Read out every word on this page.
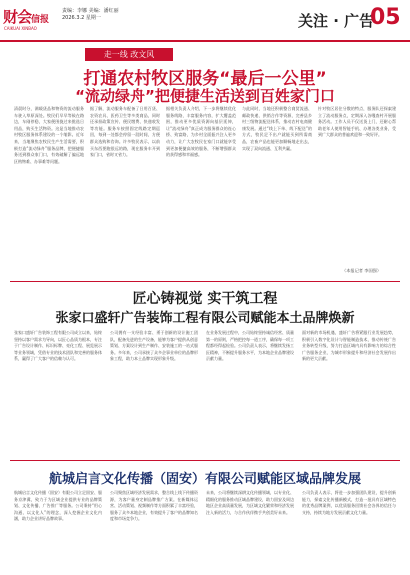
财会信报
CAIKUAI XINBAO
责编：李娜 美编：潘红丽
2026.3.2 星期一	关注 · 广告
05
走一线 改文风
打通农村牧区服务“最后一公里”
“流动绿舟”把便捷生活送到百姓家门口
清晨时分，满载货品和物资的流动服务车驶入草原深处。牧民们早早等候在路边，车刚停稳，大家便围拢过来挑选日用品，购买生活物资。这是当地推动农村牧区服务体系建设的一个缩影。近年来，当地聚焦农牧民生产生活需要，积极打造“流动绿舟”服务品牌，把便捷服务送到群众家门口，有效破解了偏远地区购物难、办事难等问题。
据了解，流动服务车配备了日用百货、农资农具、医药卫生等多类商品，同时还承担政策宣传、便民缴费、快递收发等功能。服务车按照固定线路定期巡回，每到一处都会停留一段时间，方便群众选购和咨询。许多牧民表示，以前买东西要跑很远的路，现在服务车开到家门口，省时又省力。
据相关负责人介绍，下一步将继续优化服务线路，丰富服务内容，扩大覆盖范围，推动更多优质资源向基层延伸，让“流动绿舟”真正成为服务群众的连心桥、致富路，为乡村全面振兴注入更多动力，让广大农牧民在家门口就能享受到更加便捷高效的服务，不断增强群众的获得感和幸福感。
与此同时，当地还积极整合商贸流通、邮政快递、供销合作等资源，完善县乡村三级物流配送体系，推动农村电商健康发展。通过“线上下单、线下配送”的方式，牧民足不出户就能买到所需商品，农畜产品也能更加顺畅地走出去，实现了双向流通、互利共赢。
针对牧区居住分散的特点，服务队还探索建立了流动服务点，定期深入各嘎查村开展服务活动。工作人员不仅送货上门，还耐心帮助老年人使用智能手机、办理各类业务，受到广大群众的普遍欢迎和一致好评。
（本报记者 李国强）
匠心铸视觉 实干筑工程
张家口盛轩广告装饰工程有限公司赋能本土品牌焕新
张家口盛轩广告装饰工程有限公司成立以来，始终坚持以客户需求为导向，以匠心品质为根本，专注于广告设计制作、标识标牌、亮化工程、展览展示等业务领域，凭借专业的技术团队和完善的服务体系，赢得了广大客户的信赖与认可。
公司拥有一支经验丰富、勇于创新的设计施工团队，配备先进的生产设备，能够为客户提供从创意策划、方案设计到生产制作、安装施工的一站式服务。多年来，公司承接了众多企事业单位的品牌形象工程，助力本土品牌实现形象升级。
在业务发展过程中，公司始终坚持诚信经营、质量第一的原则，严格把控每一道工序，确保每一项工程都经得起检验。公司负责人表示，将继续发扬工匠精神，不断提升服务水平，为本地企业品牌建设贡献力量。
面对新的市场机遇，盛轩广告将紧跟行业发展趋势，积极引入数字化设计与智能制造技术，推动传统广告业务转型升级，努力打造区域内具有影响力的综合性广告服务企业，为城市形象提升和经济社会发展作出新的更大贡献。
航城启言文化传播（固安）有限公司赋能区域品牌发展
航城启言文化传播（固安）有限公司立足固安、服务京津冀，致力于为区域企业提供专业的品牌策划、文化传播、广告推广等服务。公司秉持“用心沟通、以文化人”的理念，深入挖掘企业文化内涵，助力企业讲好品牌故事。
公司聚焦区域经济发展需求，整合线上线下传播资源，为客户量身定制品牌推广方案。在新媒体运营、活动策划、视频制作等方面积累了丰富经验，服务了众多本地企业，有效提升了客户的品牌知名度和市场竞争力。
未来，公司将继续深耕文化传播领域，以专业化、精细化的服务推动区域品牌建设，助力固安及周边地区企业高质量发展，为区域文化繁荣和经济发展注入新的活力，与合作伙伴携手共创美好未来。
公司负责人表示，将进一步加强团队建设，提升创新能力，探索文化传播新模式，打造一批具有区域特色的优秀品牌案例，以优质服务回馈社会各界的信任与支持，持续为地方发展贡献文化力量。
